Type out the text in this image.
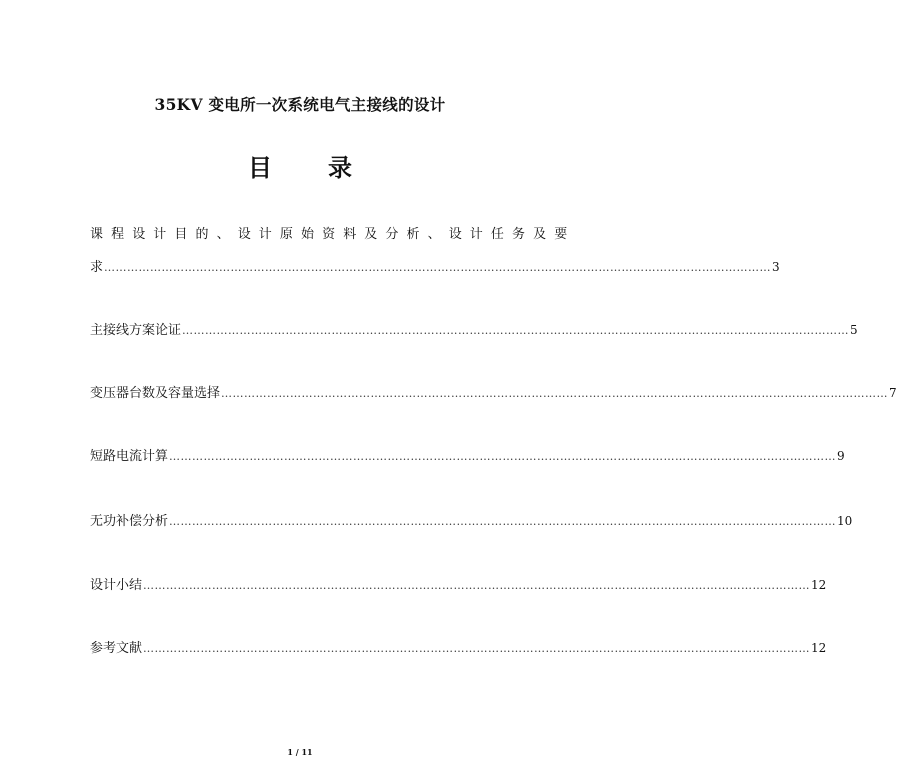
35KV 变电所一次系统电气主接线的设计
目 录
课程设计目的、设计原始资料及分析、设计任务及要
求 ………………………………………………………………………………………………………………………………………………………… 3
主接线方案论证 ………………………………………………………………………………………………………………………………………………………… 5
变压器台数及容量选择 ………………………………………………………………………………………………………………………………………………………… 7
短路电流计算 ………………………………………………………………………………………………………………………………………………………… 9
无功补偿分析 ………………………………………………………………………………………………………………………………………………………… 10
设计小结 ………………………………………………………………………………………………………………………………………………………… 12
参考文献 ………………………………………………………………………………………………………………………………………………………… 12
1 / 11
